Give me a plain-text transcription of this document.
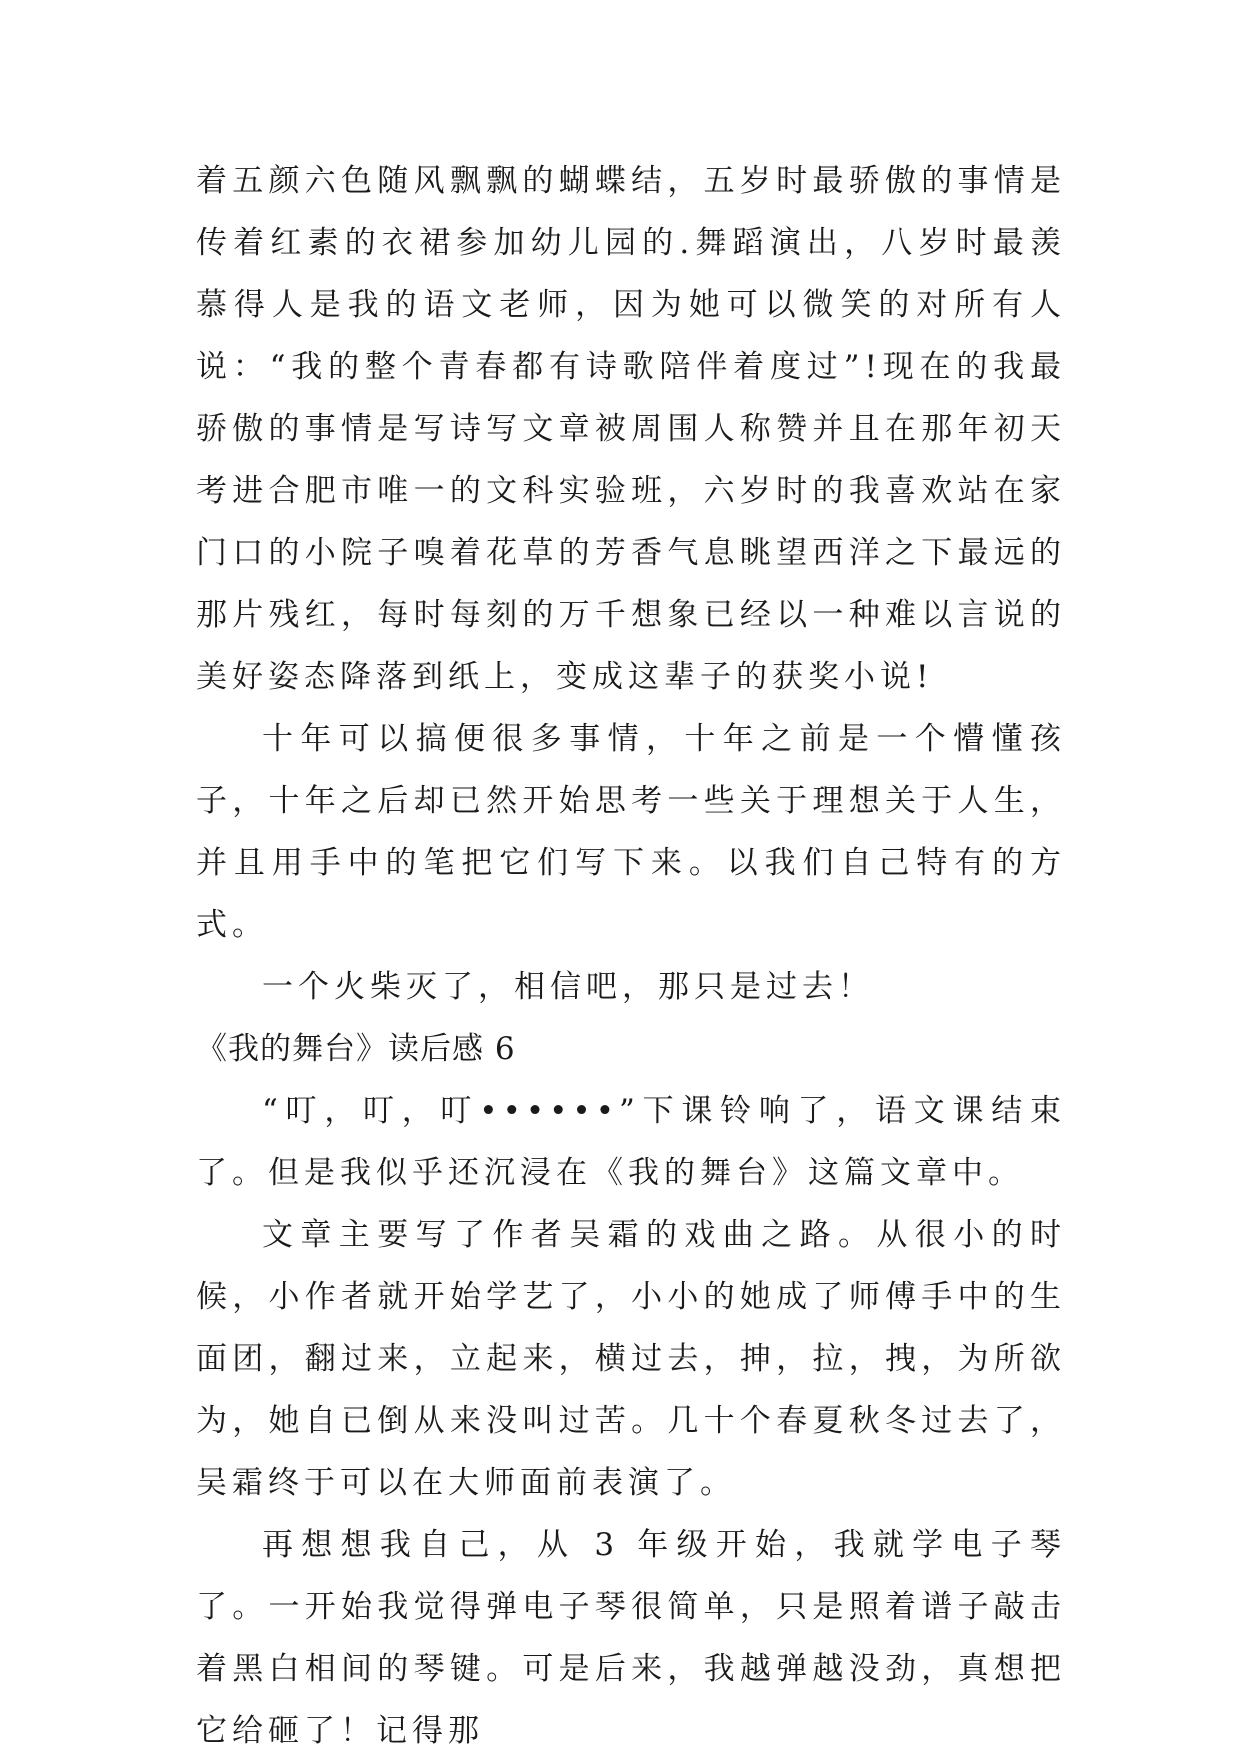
着五颜六色随风飘飘的蝴蝶结，五岁时最骄傲的事情是传着红素的衣裙参加幼儿园的.舞蹈演出，八岁时最羡慕得人是我的语文老师，因为她可以微笑的对所有人说：“我的整个青春都有诗歌陪伴着度过”!现在的我最骄傲的事情是写诗写文章被周围人称赞并且在那年初天考进合肥市唯一的文科实验班，六岁时的我喜欢站在家门口的小院子嗅着花草的芳香气息眺望西洋之下最远的那片残红，每时每刻的万千想象已经以一种难以言说的美好姿态降落到纸上，变成这辈子的获奖小说!

十年可以搞便很多事情，十年之前是一个懵懂孩子，十年之后却已然开始思考一些关于理想关于人生，并且用手中的笔把它们写下来。以我们自己特有的方式。

一个火柴灭了，相信吧，那只是过去！

《我的舞台》读后感 6

“叮，叮，叮••••••”下课铃响了，语文课结束了。但是我似乎还沉浸在《我的舞台》这篇文章中。

文章主要写了作者吴霜的戏曲之路。从很小的时候，小作者就开始学艺了，小小的她成了师傅手中的生面团，翻过来，立起来，横过去，抻，拉，拽，为所欲为，她自已倒从来没叫过苦。几十个春夏秋冬过去了，吴霜终于可以在大师面前表演了。

再想想我自己，从 3 年级开始，我就学电子琴了。一开始我觉得弹电子琴很简单，只是照着谱子敲击着黑白相间的琴键。可是后来，我越弹越没劲，真想把它给砸了！记得那
